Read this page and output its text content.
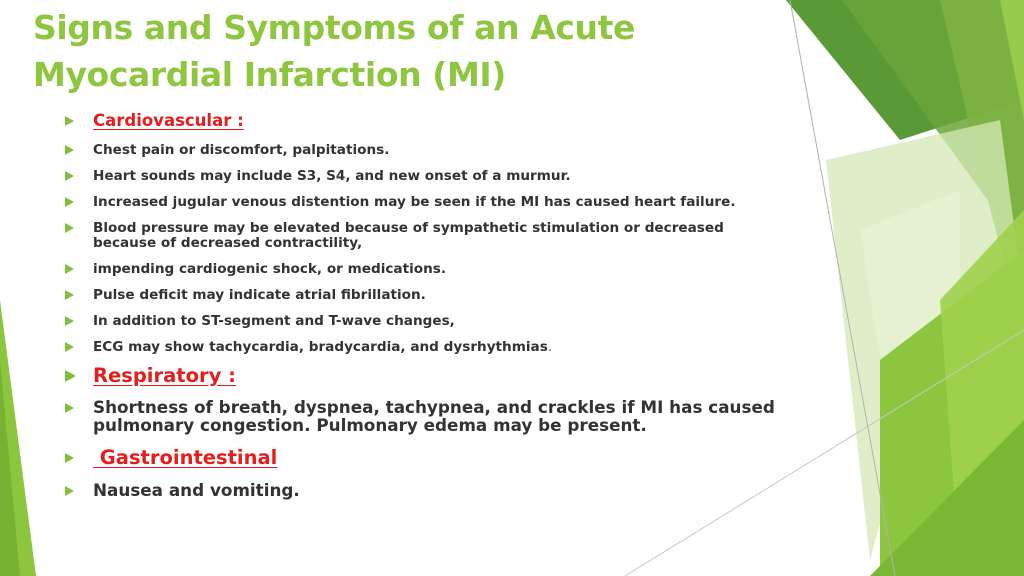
Signs and Symptoms of an Acute
Myocardial Infarction (MI)
Cardiovascular :
Chest pain or discomfort, palpitations.
Heart sounds may include S3, S4, and new onset of a murmur.
Increased jugular venous distention may be seen if the MI has caused heart failure.
Blood pressure may be elevated because of sympathetic stimulation or decreased
because of decreased contractility,
impending cardiogenic shock, or medications.
Pulse deficit may indicate atrial fibrillation.
In addition to ST-segment and T-wave changes,
ECG may show tachycardia, bradycardia, and dysrhythmias.
Respiratory :
Shortness of breath, dyspnea, tachypnea, and crackles if MI has caused
pulmonary congestion. Pulmonary edema may be present.
Gastrointestinal
Nausea and vomiting.
